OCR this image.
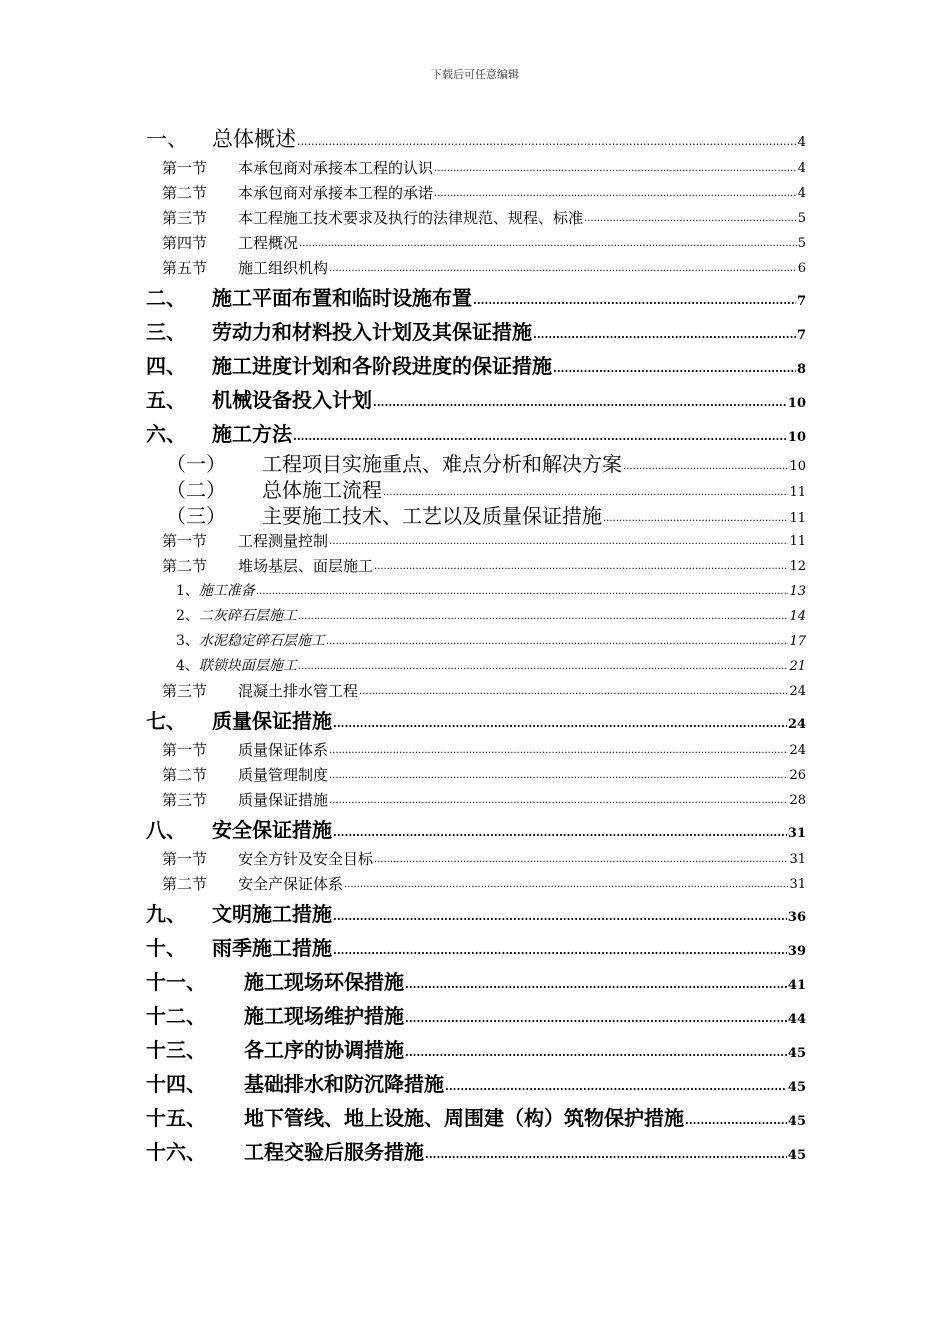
下载后可任意编辑
一、	总体概述 .....	4
第一节	本承包商对承接本工程的认识 .....	4
第二节	本承包商对承接本工程的承诺 .....	4
第三节	本工程施工技术要求及执行的法律规范、规程、标准 .....	5
第四节	工程概况 .....	5
第五节	施工组织机构 .....	6
二、	施工平面布置和临时设施布置 .....	7
三、	劳动力和材料投入计划及其保证措施 .....	7
四、	施工进度计划和各阶段进度的保证措施 .....	8
五、	机械设备投入计划 .....	10
六、	施工方法 .....	10
（一）	工程项目实施重点、难点分析和解决方案 .....	10
（二）	总体施工流程 .....	11
（三）	主要施工技术、工艺以及质量保证措施 .....	11
第一节	工程测量控制 .....	11
第二节	堆场基层、面层施工 .....	12
1、 施工准备 .....	13
2、 二灰碎石层施工 .....	14
3、 水泥稳定碎石层施工 .....	17
4、 联锁块面层施工 .....	21
第三节	混凝土排水管工程 .....	24
七、	质量保证措施 .....	24
第一节	质量保证体系 .....	24
第二节	质量管理制度 .....	26
第三节	质量保证措施 .....	28
八、	安全保证措施 .....	31
第一节	安全方针及安全目标 .....	31
第二节	安全产保证体系 .....	31
九、	文明施工措施 .....	36
十、	雨季施工措施 .....	39
十一、	施工现场环保措施 .....	41
十二、	施工现场维护措施 .....	44
十三、	各工序的协调措施 .....	45
十四、	基础排水和防沉降措施 .....	45
十五、	地下管线、地上设施、周围建（构）筑物保护措施 .....	45
十六、	工程交验后服务措施 .....	45
